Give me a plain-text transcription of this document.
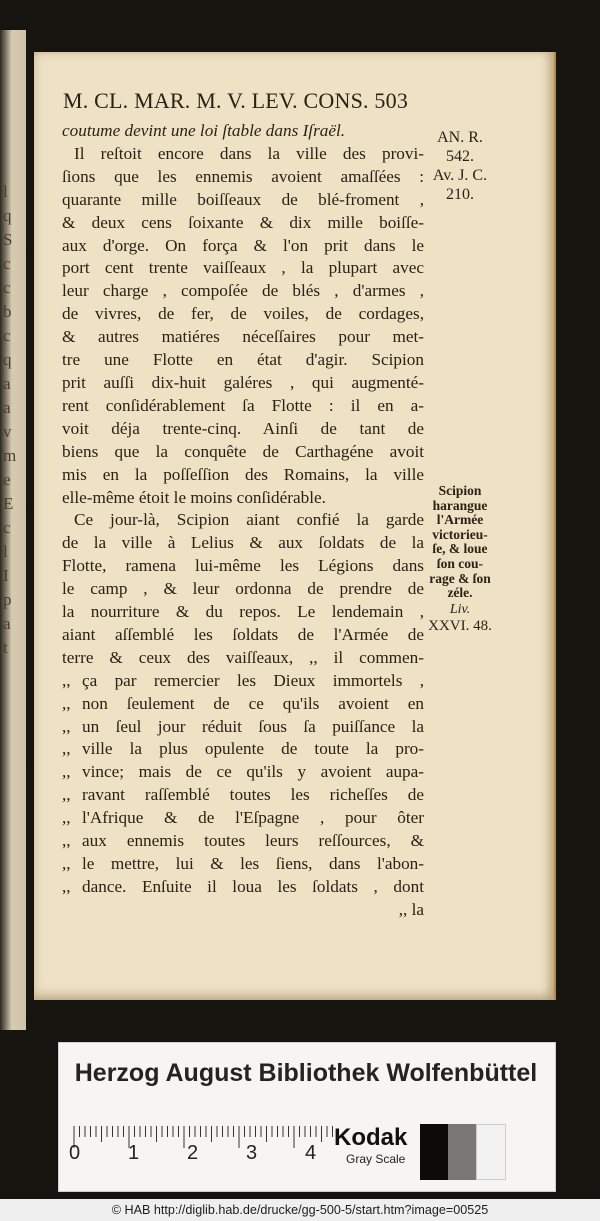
l
q
S
c
c
b
c
q
a
a
v
m
e
E
c
l
I
p
a
t
M. CL. MAR. M. V. LEV. CONS. 503

coutume devint une loi ſtable dans Iſraël.

Il reſtoit encore dans la ville des provi-

ſions que les ennemis avoient amaſſées :

quarante mille boiſſeaux de blé-froment ,

& deux cens ſoixante & dix mille boiſſe-

aux d'orge. On força & l'on prit dans le

port cent trente vaiſſeaux , la plupart avec

leur charge , compoſée de blés , d'armes ,

de vivres, de fer, de voiles, de cordages,

& autres matiéres néceſſaires pour met-

tre une Flotte en état d'agir. Scipion

prit auſſi dix-huit galéres , qui augmenté-

rent conſidérablement ſa Flotte : il en a-

voit déja trente-cinq. Ainſi de tant de

biens que la conquête de Carthagéne avoit

mis en la poſſeſſion des Romains, la ville

elle-même étoit le moins conſidérable.

Ce jour-là, Scipion aiant confié la garde

de la ville à Lelius & aux ſoldats de la

Flotte, ramena lui-même les Légions dans

le camp , & leur ordonna de prendre de

la nourriture & du repos. Le lendemain ,

aiant aſſemblé les ſoldats de l'Armée de

terre & ceux des vaiſſeaux, ,, il commen-

,, ça par remercier les Dieux immortels ,

,, non ſeulement de ce qu'ils avoient en

,, un ſeul jour réduit ſous ſa puiſſance la

,, ville la plus opulente de toute la pro-

,, vince; mais de ce qu'ils y avoient aupa-

,, ravant raſſemblé toutes les richeſſes de

,, l'Afrique & de l'Eſpagne , pour ôter

,, aux ennemis toutes leurs reſſources, &

,, le mettre, lui & les ſiens, dans l'abon-

,, dance. Enſuite il loua les ſoldats , dont

,, la

AN. R.
542.
Av. J. C.
210.
Scipion
harangue
l'Armée
victorieu-
ſe, & loue
ſon cou-
rage & ſon
zéle.
Liv.
XXVI. 48.
Herzog August Bibliothek Wolfenbüttel
0 1 2 3 4
Kodak
Gray Scale
© HAB http://diglib.hab.de/drucke/gg-500-5/start.htm?image=00525
